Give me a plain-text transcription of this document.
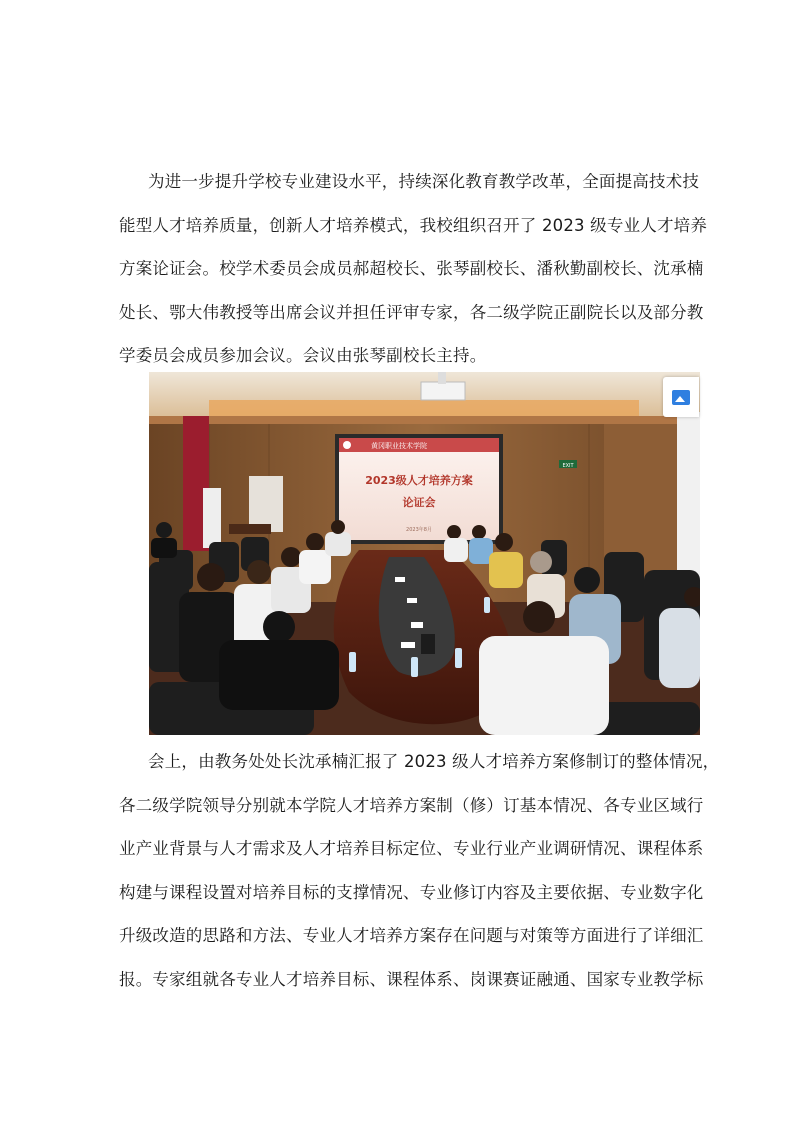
为进一步提升学校专业建设水平，持续深化教育教学改革，全面提高技术技
能型人才培养质量，创新人才培养模式，我校组织召开了 2023 级专业人才培养
方案论证会。校学术委员会成员郝超校长、张琴副校长、潘秋勤副校长、沈承楠
处长、鄂大伟教授等出席会议并担任评审专家，各二级学院正副院长以及部分教
学委员会成员参加会议。会议由张琴副校长主持。

EXIT
黄冈职业技术学院
2023级人才培养方案
论证会
2023年8月

会上，由教务处处长沈承楠汇报了 2023 级人才培养方案修制订的整体情况，
各二级学院领导分别就本学院人才培养方案制（修）订基本情况、各专业区域行
业产业背景与人才需求及人才培养目标定位、专业行业产业调研情况、课程体系
构建与课程设置对培养目标的支撑情况、专业修订内容及主要依据、专业数字化
升级改造的思路和方法、专业人才培养方案存在问题与对策等方面进行了详细汇
报。专家组就各专业人才培养目标、课程体系、岗课赛证融通、国家专业教学标
